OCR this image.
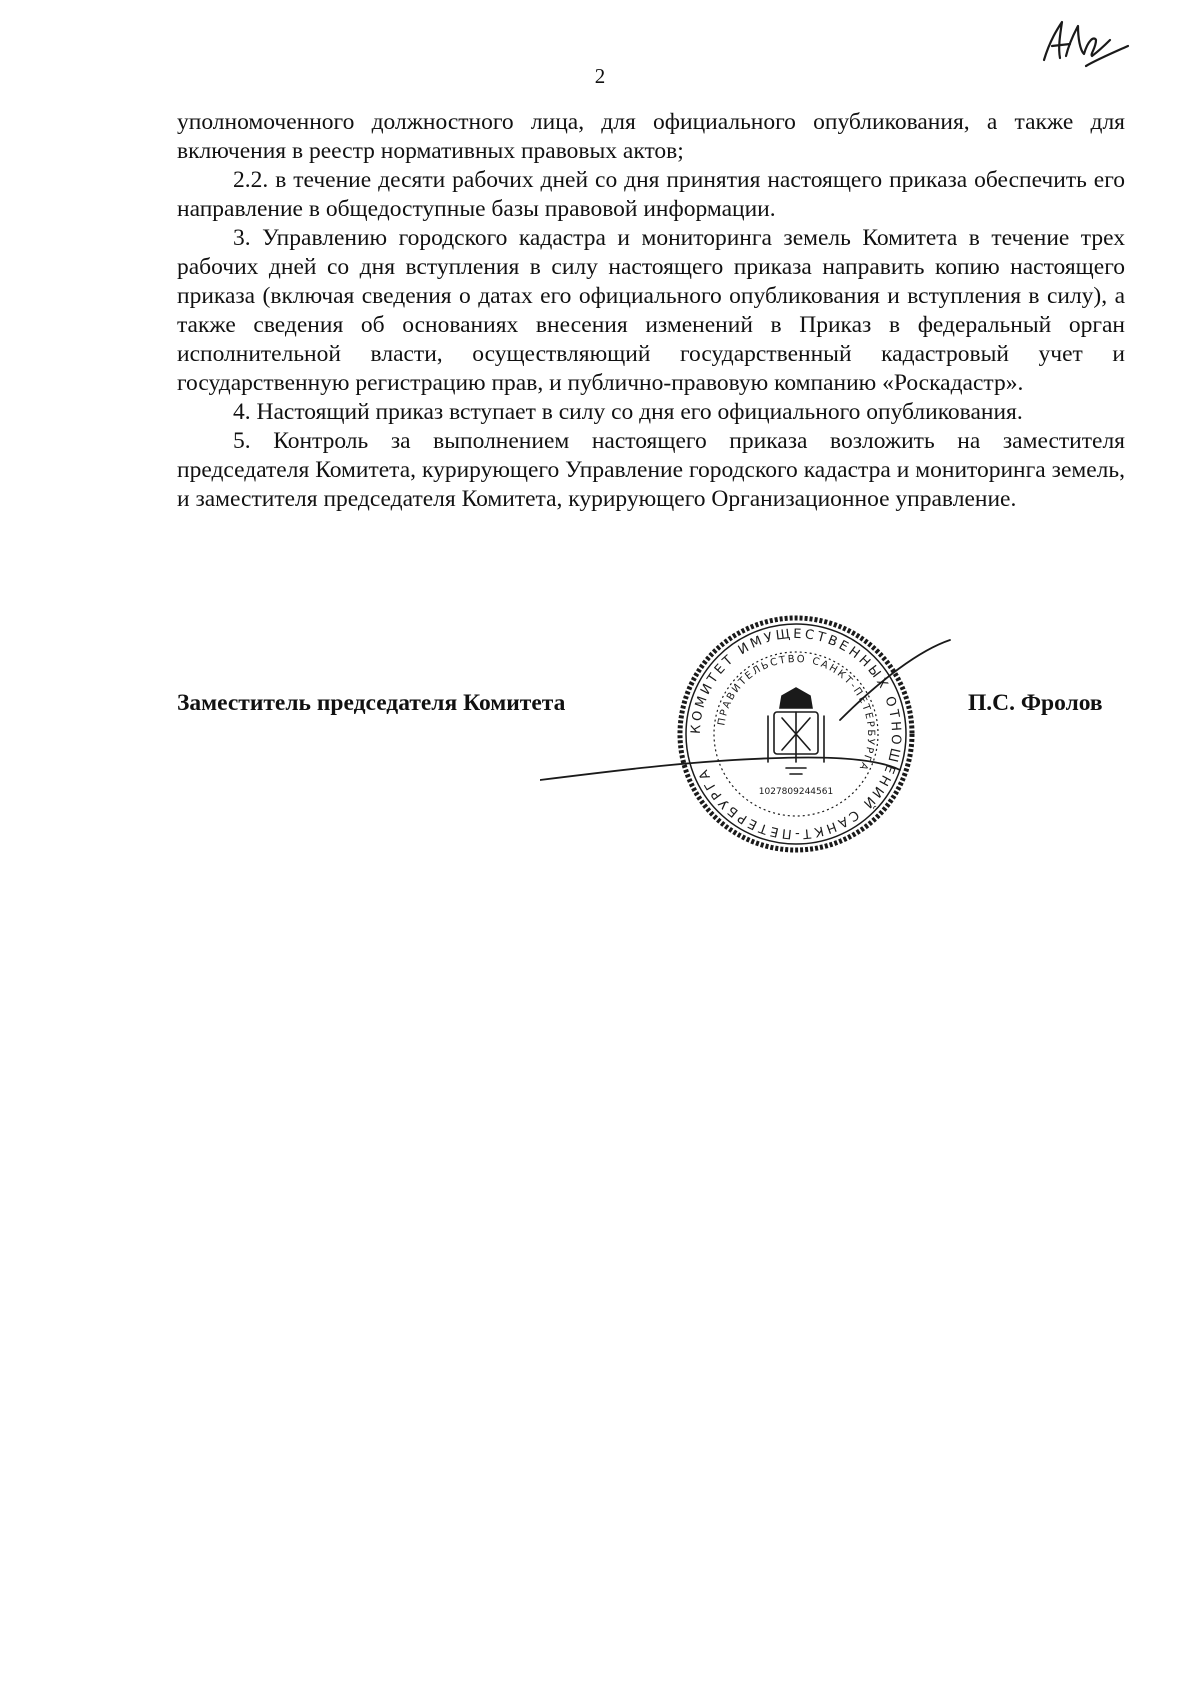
2

уполномоченного должностного лица, для официального опубликования, а также для включения в реестр нормативных правовых актов;

2.2. в течение десяти рабочих дней со дня принятия настоящего приказа обеспечить его направление в общедоступные базы правовой информации.

3. Управлению городского кадастра и мониторинга земель Комитета в течение трех рабочих дней со дня вступления в силу настоящего приказа направить копию настоящего приказа (включая сведения о датах его официального опубликования и вступления в силу), а также сведения об основаниях внесения изменений в Приказ в федеральный орган исполнительной власти, осуществляющий государственный кадастровый учет и государственную регистрацию прав, и публично-правовую компанию «Роскадастр».

4. Настоящий приказ вступает в силу со дня его официального опубликования.

5. Контроль за выполнением настоящего приказа возложить на заместителя председателя Комитета, курирующего Управление городского кадастра и мониторинга земель, и заместителя председателя Комитета, курирующего Организационное управление.

Заместитель председателя Комитета
КОМИТЕТ ИМУЩЕСТВЕННЫХ ОТНОШЕНИЙ САНКТ-ПЕТЕРБУРГА
ПРАВИТЕЛЬСТВО САНКТ-ПЕТЕРБУРГА
1027809244561
П.С. Фролов
